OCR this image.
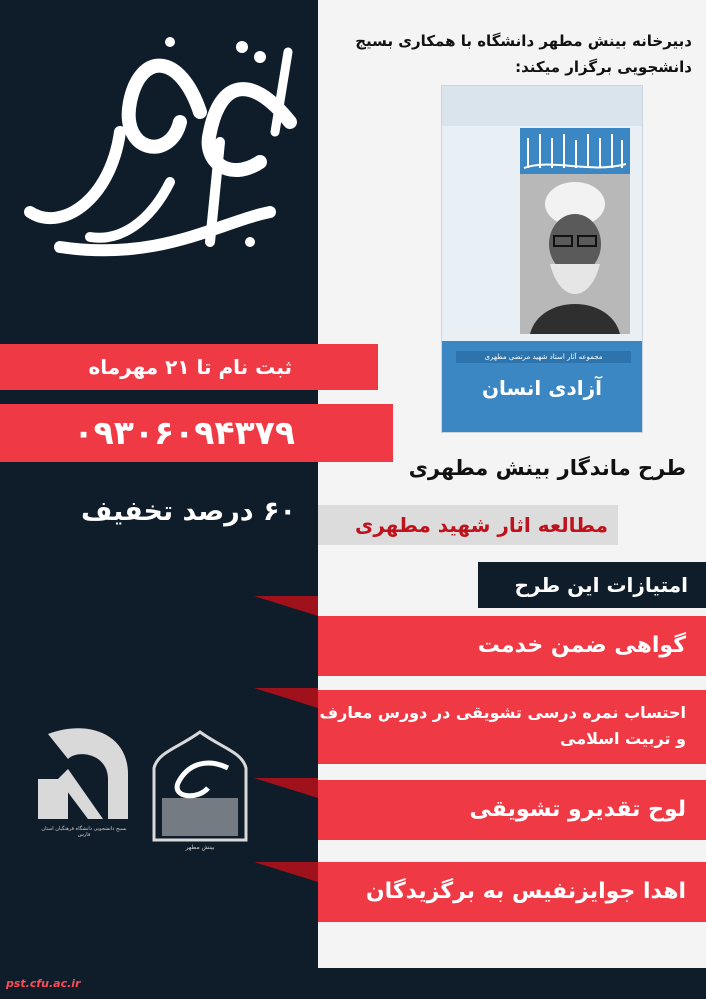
دبیرخانه بینش مطهر دانشگاه با همکاری بسیج
دانشجویی برگزار میکند:
بینش مطهر
مجموعه آثار استاد شهید مرتضی مطهری
آزادی انسان
ثبت نام تا ۲۱ مهرماه
۰۹۳۰۶۰۹۴۳۷۹
۶۰ درصد تخفیف
طرح ماندگار بینش مطهری
مطالعه اثار شهید مطهری
امتیازات این طرح
گواهی ضمن خدمت
احتساب نمره درسی تشویقی در دورس معارف و تربیت اسلامی
لوح تقدیرو تشویقی
اهدا جوایزنفیس به برگزیدگان
بسیج دانشجویی دانشگاه فرهنگیان استان فارس
بینش مطهر
pst.cfu.ac.ir
